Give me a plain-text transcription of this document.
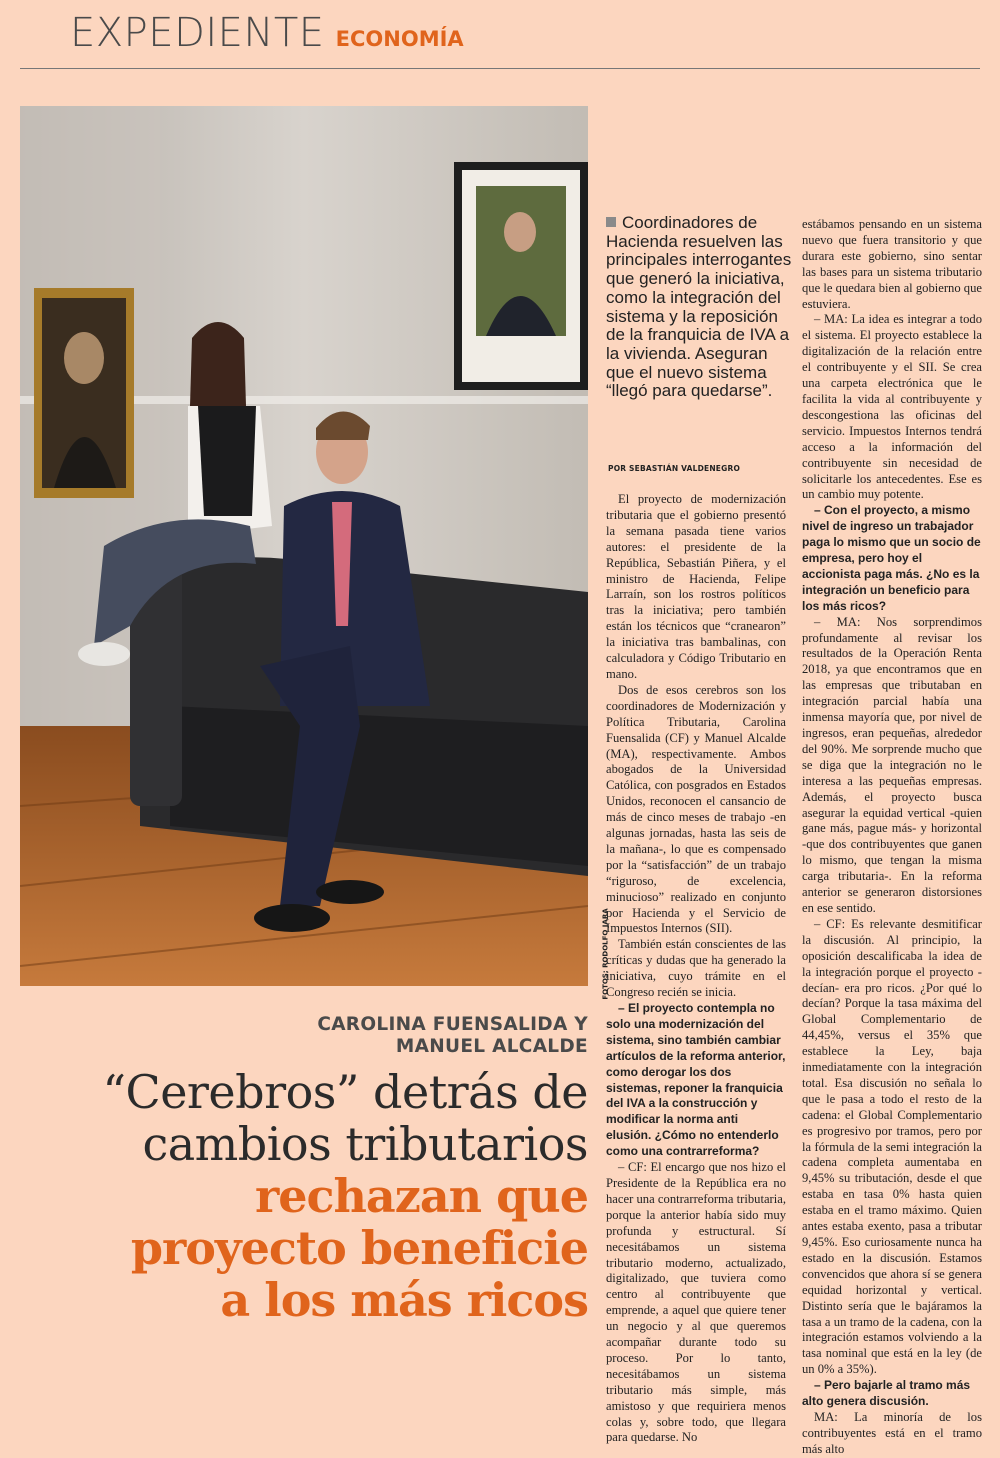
EXPEDIENTE ECONOMÍA
FOTOS: RODOLFO JARA
Coordinadores de Hacienda resuelven las principales interrogantes que generó la iniciativa, como la integración del sistema y la reposición de la franquicia de IVA a la vivienda. Aseguran que el nuevo sistema “llegó para quedarse”.
POR SEBASTIÁN VALDENEGRO

El proyecto de modernización tributaria que el gobierno presentó la semana pasada tiene varios autores: el presidente de la República, Sebastián Piñera, y el ministro de Hacienda, Felipe Larraín, son los rostros políticos tras la iniciativa; pero también están los técnicos que “cranearon” la iniciativa tras bambalinas, con calculadora y Código Tributario en mano.

Dos de esos cerebros son los coordinadores de Modernización y Política Tributaria, Carolina Fuensalida (CF) y Manuel Alcalde (MA), respectivamente. Ambos abogados de la Universidad Católica, con posgrados en Estados Unidos, reconocen el cansancio de más de cinco meses de trabajo -en algunas jornadas, hasta las seis de la mañana-, lo que es compensado por la “satisfacción” de un trabajo “riguroso, de excelencia, minucioso” realizado en conjunto por Hacienda y el Servicio de Impuestos Internos (SII).

También están conscientes de las críticas y dudas que ha generado la iniciativa, cuyo trámite en el Congreso recién se inicia.

– El proyecto contempla no solo una modernización del sistema, sino también cambiar artículos de la reforma anterior, como derogar los dos sistemas, reponer la franquicia del IVA a la construcción y modificar la norma anti elusión. ¿Cómo no entenderlo como una contrarreforma?

– CF: El encargo que nos hizo el Presidente de la República era no hacer una contrarreforma tributaria, porque la anterior había sido muy profunda y estructural. Sí necesitábamos un sistema tributario moderno, actualizado, digitalizado, que tuviera como centro al contribuyente que emprende, a aquel que quiere tener un negocio y al que queremos acompañar durante todo su proceso. Por lo tanto, necesitábamos un sistema tributario más simple, más amistoso y que requiriera menos colas y, sobre todo, que llegara para quedarse. No

estábamos pensando en un sistema nuevo que fuera transitorio y que durara este gobierno, sino sentar las bases para un sistema tributario que le quedara bien al gobierno que estuviera.

– MA: La idea es integrar a todo el sistema. El proyecto establece la digitalización de la relación entre el contribuyente y el SII. Se crea una carpeta electrónica que le facilita la vida al contribuyente y descongestiona las oficinas del servicio. Impuestos Internos tendrá acceso a la información del contribuyente sin necesidad de solicitarle los antecedentes. Ese es un cambio muy potente.

– Con el proyecto, a mismo nivel de ingreso un trabajador paga lo mismo que un socio de empresa, pero hoy el accionista paga más. ¿No es la integración un beneficio para los más ricos?

– MA: Nos sorprendimos profundamente al revisar los resultados de la Operación Renta 2018, ya que encontramos que en las empresas que tributaban en integración parcial había una inmensa mayoría que, por nivel de ingresos, eran pequeñas, alrededor del 90%. Me sorprende mucho que se diga que la integración no le interesa a las pequeñas empresas. Además, el proyecto busca asegurar la equidad vertical -quien gane más, pague más- y horizontal -que dos contribuyentes que ganen lo mismo, que tengan la misma carga tributaria-. En la reforma anterior se generaron distorsiones en ese sentido.

– CF: Es relevante desmitificar la discusión. Al principio, la oposición descalificaba la idea de la integración porque el proyecto -decían- era pro ricos. ¿Por qué lo decían? Porque la tasa máxima del Global Complementario de 44,45%, versus el 35% que establece la Ley, baja inmediatamente con la integración total. Esa discusión no señala lo que le pasa a todo el resto de la cadena: el Global Complementario es progresivo por tramos, pero por la fórmula de la semi integración la cadena completa aumentaba en 9,45% su tributación, desde el que estaba en tasa 0% hasta quien estaba en el tramo máximo. Quien antes estaba exento, pasa a tributar 9,45%. Eso curiosamente nunca ha estado en la discusión. Estamos convencidos que ahora sí se genera equidad horizontal y vertical. Distinto sería que le bajáramos la tasa a un tramo de la cadena, con la integración estamos volviendo a la tasa nominal que está en la ley (de un 0% a 35%).

– Pero bajarle al tramo más alto genera discusión.

MA: La minoría de los contribuyentes está en el tramo más alto

CAROLINA FUENSALIDA Y
MANUEL ALCALDE
“Cerebros” detrás de
cambios tributarios
rechazan que
proyecto beneficie
a los más ricos
